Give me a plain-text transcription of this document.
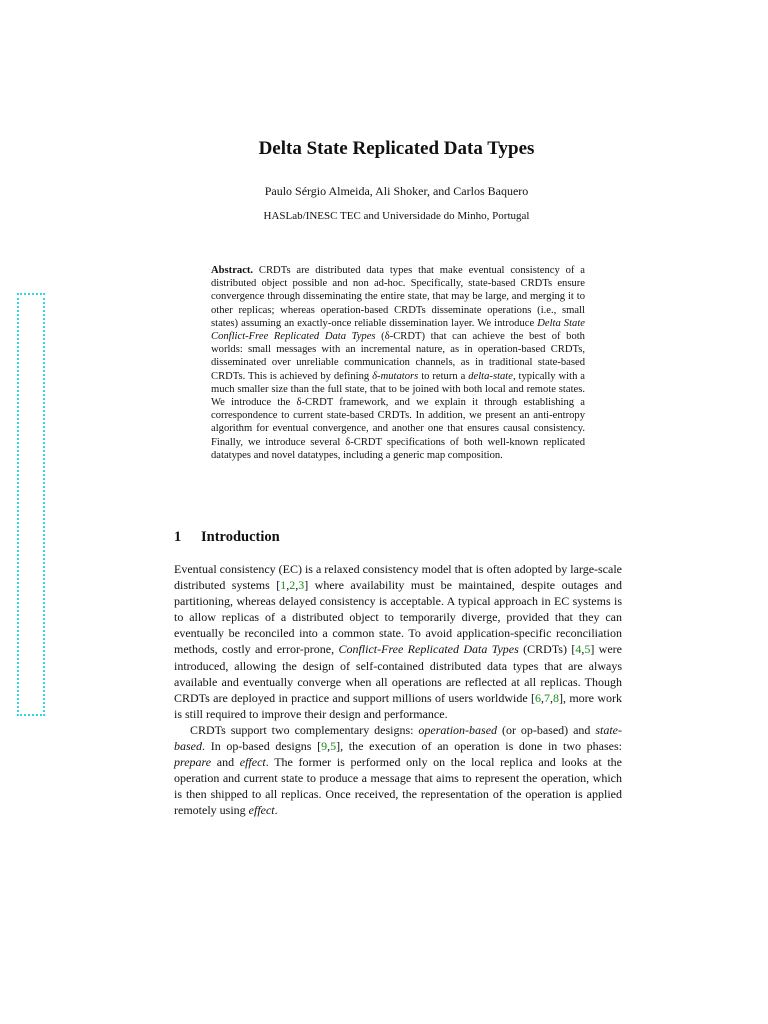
Delta State Replicated Data Types
Paulo Sérgio Almeida, Ali Shoker, and Carlos Baquero
HASLab/INESC TEC and Universidade do Minho, Portugal
Abstract. CRDTs are distributed data types that make eventual consistency of a distributed object possible and non ad-hoc. Specifically, state-based CRDTs ensure convergence through disseminating the entire state, that may be large, and merging it to other replicas; whereas operation-based CRDTs disseminate operations (i.e., small states) assuming an exactly-once reliable dissemination layer. We introduce Delta State Conflict-Free Replicated Data Types (δ-CRDT) that can achieve the best of both worlds: small messages with an incremental nature, as in operation-based CRDTs, disseminated over unreliable communication channels, as in traditional state-based CRDTs. This is achieved by defining δ-mutators to return a delta-state, typically with a much smaller size than the full state, that to be joined with both local and remote states. We introduce the δ-CRDT framework, and we explain it through establishing a correspondence to current state-based CRDTs. In addition, we present an anti-entropy algorithm for eventual convergence, and another one that ensures causal consistency. Finally, we introduce several δ-CRDT specifications of both well-known replicated datatypes and novel datatypes, including a generic map composition.
1 Introduction

Eventual consistency (EC) is a relaxed consistency model that is often adopted by large-scale distributed systems [1,2,3] where availability must be maintained, despite outages and partitioning, whereas delayed consistency is acceptable. A typical approach in EC systems is to allow replicas of a distributed object to temporarily diverge, provided that they can eventually be reconciled into a common state. To avoid application-specific reconciliation methods, costly and error-prone, Conflict-Free Replicated Data Types (CRDTs) [4,5] were introduced, allowing the design of self-contained distributed data types that are always available and eventually converge when all operations are reflected at all replicas. Though CRDTs are deployed in practice and support millions of users worldwide [6,7,8], more work is still required to improve their design and performance.

CRDTs support two complementary designs: operation-based (or op-based) and state-based. In op-based designs [9,5], the execution of an operation is done in two phases: prepare and effect. The former is performed only on the local replica and looks at the operation and current state to produce a message that aims to represent the operation, which is then shipped to all replicas. Once received, the representation of the operation is applied remotely using effect.
